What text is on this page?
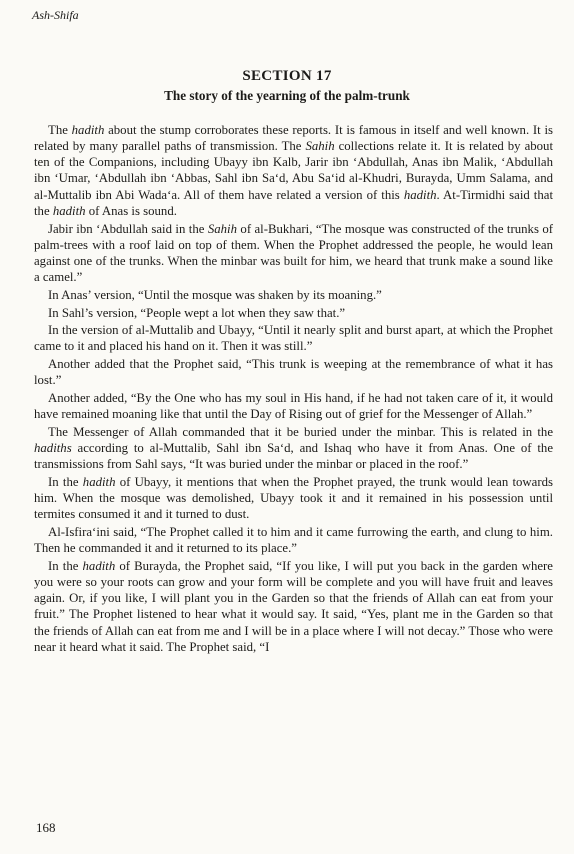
Ash-Shifa
SECTION 17
The story of the yearning of the palm-trunk

The hadith about the stump corroborates these reports. It is famous in itself and well known. It is related by many parallel paths of transmission. The Sahih collections relate it. It is related by about ten of the Companions, including Ubayy ibn Kalb, Jarir ibn ‘Abdullah, Anas ibn Malik, ‘Abdullah ibn ‘Umar, ‘Abdullah ibn ‘Abbas, Sahl ibn Sa‘d, Abu Sa‘id al-Khudri, Burayda, Umm Salama, and al-Muttalib ibn Abi Wada‘a. All of them have related a version of this hadith. At-Tirmidhi said that the hadith of Anas is sound.

Jabir ibn ‘Abdullah said in the Sahih of al-Bukhari, “The mosque was constructed of the trunks of palm-trees with a roof laid on top of them. When the Prophet addressed the people, he would lean against one of the trunks. When the minbar was built for him, we heard that trunk make a sound like a camel.”

In Anas’ version, “Until the mosque was shaken by its moaning.”

In Sahl’s version, “People wept a lot when they saw that.”

In the version of al-Muttalib and Ubayy, “Until it nearly split and burst apart, at which the Prophet came to it and placed his hand on it. Then it was still.”

Another added that the Prophet said, “This trunk is weeping at the remembrance of what it has lost.”

Another added, “By the One who has my soul in His hand, if he had not taken care of it, it would have remained moaning like that until the Day of Rising out of grief for the Messenger of Allah.”

The Messenger of Allah commanded that it be buried under the minbar. This is related in the hadiths according to al-Muttalib, Sahl ibn Sa‘d, and Ishaq who have it from Anas. One of the transmissions from Sahl says, “It was buried under the minbar or placed in the roof.”

In the hadith of Ubayy, it mentions that when the Prophet prayed, the trunk would lean towards him. When the mosque was demolished, Ubayy took it and it remained in his possession until termites consumed it and it turned to dust.

Al-Isfira‘ini said, “The Prophet called it to him and it came furrowing the earth, and clung to him. Then he commanded it and it returned to its place.”

In the hadith of Burayda, the Prophet said, “If you like, I will put you back in the garden where you were so your roots can grow and your form will be complete and you will have fruit and leaves again. Or, if you like, I will plant you in the Garden so that the friends of Allah can eat from your fruit.” The Prophet listened to hear what it would say. It said, “Yes, plant me in the Garden so that the friends of Allah can eat from me and I will be in a place where I will not decay.” Those who were near it heard what it said. The Prophet said, “I

168
